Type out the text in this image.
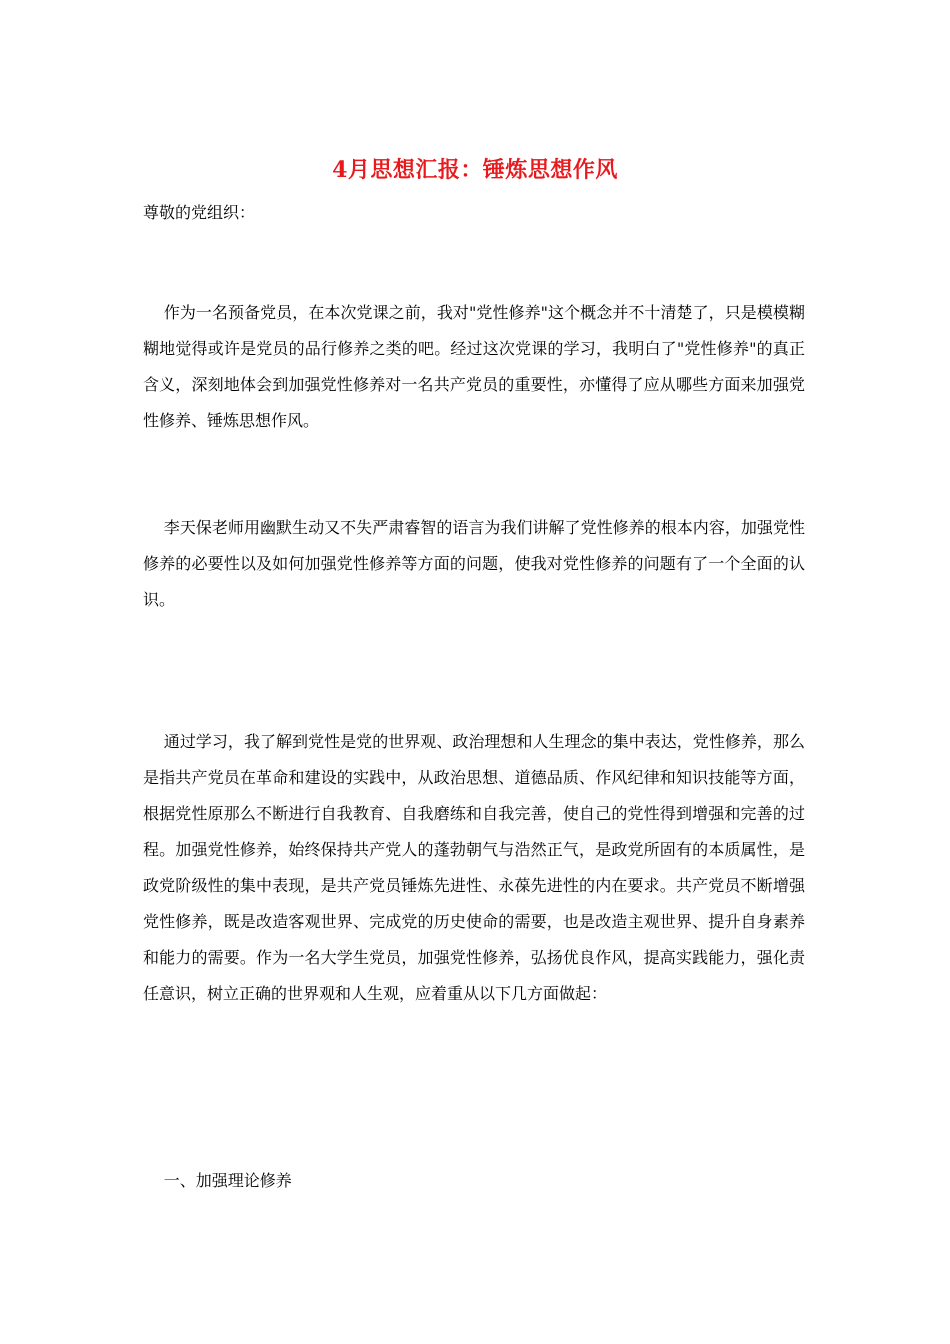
4月思想汇报：锤炼思想作风

尊敬的党组织：

作为一名预备党员，在本次党课之前，我对"党性修养"这个概念并不十清楚了，只是模模糊糊地觉得或许是党员的品行修养之类的吧。经过这次党课的学习，我明白了"党性修养"的真正含义，深刻地体会到加强党性修养对一名共产党员的重要性，亦懂得了应从哪些方面来加强党性修养、锤炼思想作风。

李天保老师用幽默生动又不失严肃睿智的语言为我们讲解了党性修养的根本内容，加强党性修养的必要性以及如何加强党性修养等方面的问题，使我对党性修养的问题有了一个全面的认识。

通过学习，我了解到党性是党的世界观、政治理想和人生理念的集中表达，党性修养，那么是指共产党员在革命和建设的实践中，从政治思想、道德品质、作风纪律和知识技能等方面，根据党性原那么不断进行自我教育、自我磨练和自我完善，使自己的党性得到增强和完善的过程。加强党性修养，始终保持共产党人的蓬勃朝气与浩然正气，是政党所固有的本质属性，是政党阶级性的集中表现，是共产党员锤炼先进性、永葆先进性的内在要求。共产党员不断增强党性修养，既是改造客观世界、完成党的历史使命的需要，也是改造主观世界、提升自身素养和能力的需要。作为一名大学生党员，加强党性修养，弘扬优良作风，提高实践能力，强化责任意识，树立正确的世界观和人生观，应着重从以下几方面做起：

一、加强理论修养
